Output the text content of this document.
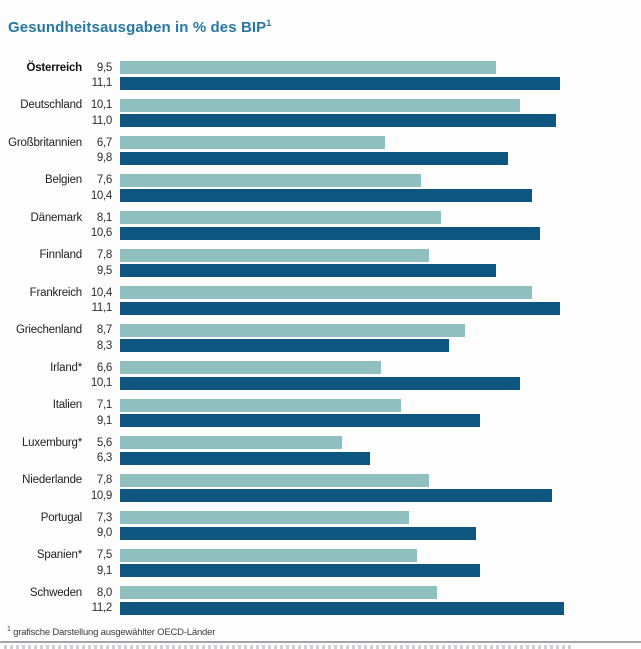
Gesundheitsausgaben in % des BIP$^1$
Österreich	9,5
11,1
Deutschland 10,1
11,0
Großbritannien	6,7
9,8
Belgien	7,6
10,4
Dänemark	8,1
10,6
Finnland	7,8
9,5
Frankreich 10,4
11,1
Griechenland	8,7
8,3
Irland*	6,6
10,1
Italien	7,1
9,1
Luxemburg*	5,6
6,3
Niederlande	7,8
10,9
Portugal	7,3
9,0
Spanien*	7,5
9,1
Schweden	8,0
11,2
$^1$ grafische Darstellung ausgewählter OECD-Länder
